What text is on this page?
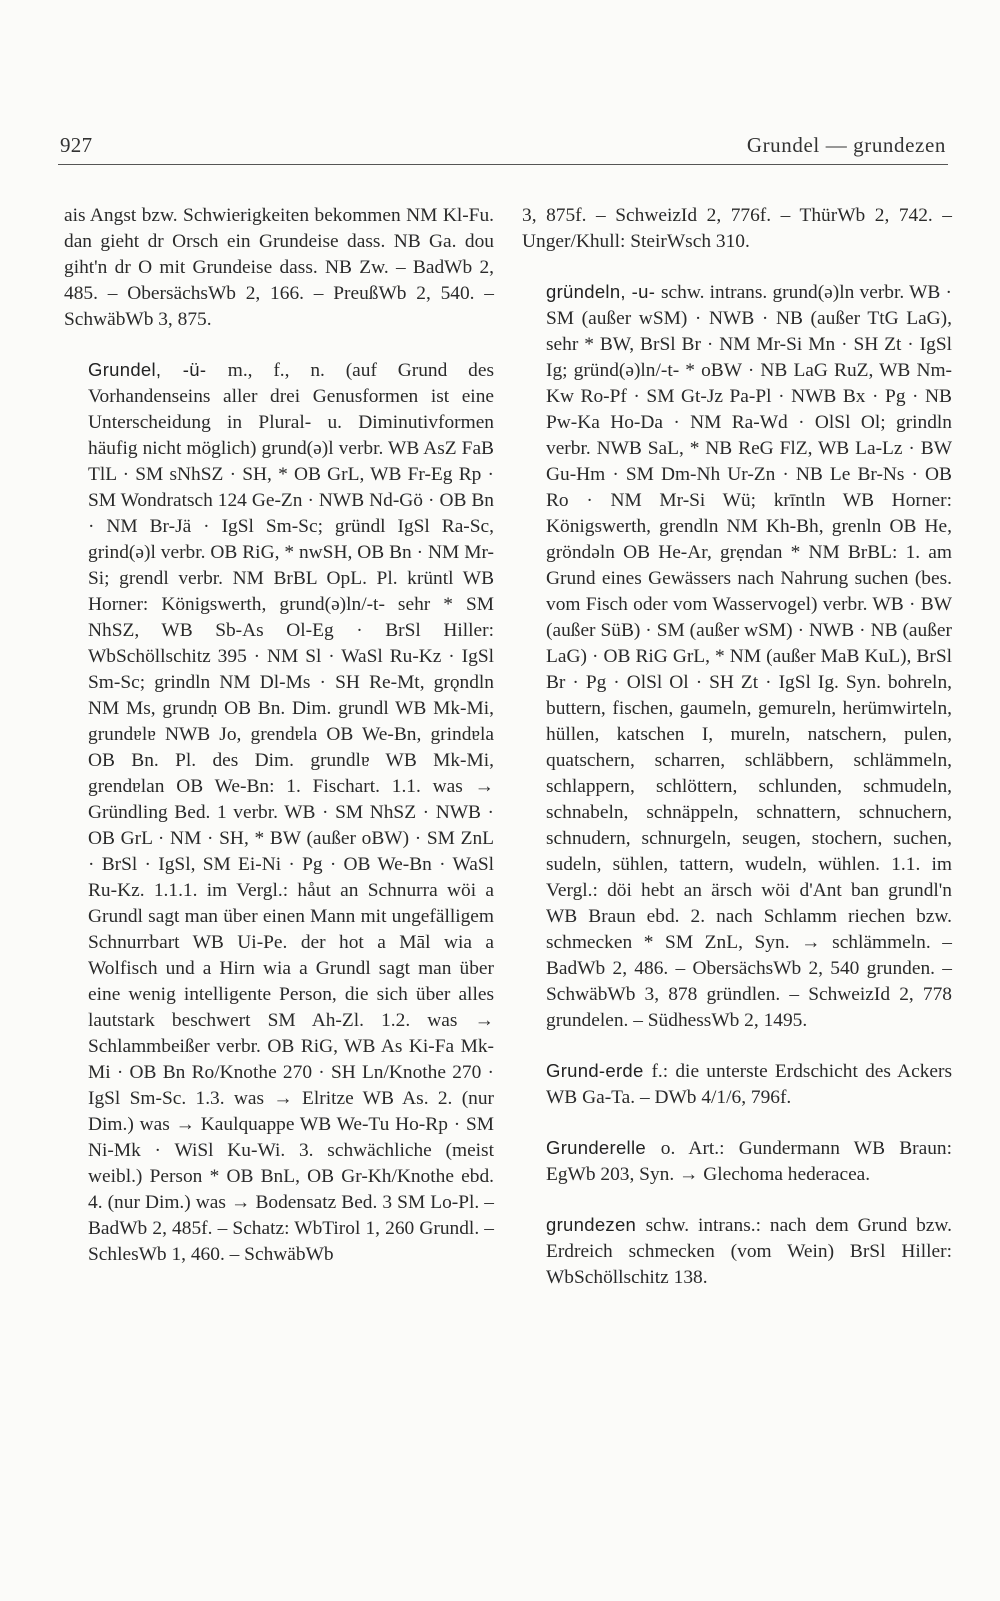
927	Grundel — grundezen

ais Angst bzw. Schwierigkeiten bekommen NM Kl-Fu. dan gieht dr Orsch ein Grundeise dass. NB Ga. dou giht'n dr O mit Grundeise dass. NB Zw. – BadWb 2, 485. – ObersächsWb 2, 166. – PreußWb 2, 540. – SchwäbWb 3, 875.

Grundel, -ü- m., f., n. (auf Grund des Vorhandenseins aller drei Genusformen ist eine Unterscheidung in Plural- u. Diminutivformen häufig nicht möglich) grund(ə)l verbr. WB AsZ FaB TlL · SM sNhSZ · SH, * OB GrL, WB Fr-Eg Rp · SM Wondratsch 124 Ge-Zn · NWB Nd-Gö · OB Bn · NM Br-Jä · IgSl Sm-Sc; gründl IgSl Ra-Sc, grind(ə)l verbr. OB RiG, * nwSH, OB Bn · NM Mr-Si; grendl verbr. NM BrBL OpL. Pl. krüntl WB Horner: Königswerth, grund(ə)ln/-t- sehr * SM NhSZ, WB Sb-As Ol-Eg · BrSl Hiller: WbSchöllschitz 395 · NM Sl · WaSl Ru-Kz · IgSl Sm-Sc; grindln NM Dl-Ms · SH Re-Mt, grǫndln NM Ms, grundṇ OB Bn. Dim. grundl WB Mk-Mi, grundɐlɐ NWB Jo, grendɐla OB We-Bn, grindɐla OB Bn. Pl. des Dim. grundlɐ WB Mk-Mi, grendɐlan OB We-Bn: 1. Fischart. 1.1. was → Gründling Bed. 1 verbr. WB · SM NhSZ · NWB · OB GrL · NM · SH, * BW (außer oBW) · SM ZnL · BrSl · IgSl, SM Ei-Ni · Pg · OB We-Bn · WaSl Ru-Kz. 1.1.1. im Vergl.: håut an Schnurra wöi a Grundl sagt man über einen Mann mit ungefälligem Schnurrbart WB Ui-Pe. der hot a Māl wia a Wolfisch und a Hirn wia a Grundl sagt man über eine wenig intelligente Person, die sich über alles lautstark beschwert SM Ah-Zl. 1.2. was → Schlammbeißer verbr. OB RiG, WB As Ki-Fa Mk-Mi · OB Bn Ro/Knothe 270 · SH Ln/Knothe 270 · IgSl Sm-Sc. 1.3. was → Elritze WB As. 2. (nur Dim.) was → Kaulquappe WB We-Tu Ho-Rp · SM Ni-Mk · WiSl Ku-Wi. 3. schwächliche (meist weibl.) Person * OB BnL, OB Gr-Kh/Knothe ebd. 4. (nur Dim.) was → Bodensatz Bed. 3 SM Lo-Pl. – BadWb 2, 485f. – Schatz: WbTirol 1, 260 Grundl. – SchlesWb 1, 460. – SchwäbWb

3, 875f. – SchweizId 2, 776f. – ThürWb 2, 742. – Unger/Khull: SteirWsch 310.

gründeln, -u- schw. intrans. grund(ə)ln verbr. WB · SM (außer wSM) · NWB · NB (außer TtG LaG), sehr * BW, BrSl Br · NM Mr-Si Mn · SH Zt · IgSl Ig; gründ(ə)ln/-t- * oBW · NB LaG RuZ, WB Nm-Kw Ro-Pf · SM Gt-Jz Pa-Pl · NWB Bx · Pg · NB Pw-Ka Ho-Da · NM Ra-Wd · OlSl Ol; grindln verbr. NWB SaL, * NB ReG FlZ, WB La-Lz · BW Gu-Hm · SM Dm-Nh Ur-Zn · NB Le Br-Ns · OB Ro · NM Mr-Si Wü; krīntln WB Horner: Königswerth, grendln NM Kh-Bh, grenln OB He, gröndəln OB He-Ar, grẹndan * NM BrBL: 1. am Grund eines Gewässers nach Nahrung suchen (bes. vom Fisch oder vom Wasservogel) verbr. WB · BW (außer SüB) · SM (außer wSM) · NWB · NB (außer LaG) · OB RiG GrL, * NM (außer MaB KuL), BrSl Br · Pg · OlSl Ol · SH Zt · IgSl Ig. Syn. bohreln, buttern, fischen, gaumeln, gemureln, herümwirteln, hüllen, katschen I, mureln, natschern, pulen, quatschern, scharren, schläbbern, schlämmeln, schlappern, schlöttern, schlunden, schmudeln, schnabeln, schnäppeln, schnattern, schnuchern, schnudern, schnurgeln, seugen, stochern, suchen, sudeln, sühlen, tattern, wudeln, wühlen. 1.1. im Vergl.: döi hebt an ärsch wöi d'Ant ban grundl'n WB Braun ebd. 2. nach Schlamm riechen bzw. schmecken * SM ZnL, Syn. → schlämmeln. – BadWb 2, 486. – ObersächsWb 2, 540 grunden. – SchwäbWb 3, 878 gründlen. – SchweizId 2, 778 grundelen. – SüdhessWb 2, 1495.

Grund-erde f.: die unterste Erdschicht des Ackers WB Ga-Ta. – DWb 4/1/6, 796f.

Grunderelle o. Art.: Gundermann WB Braun: EgWb 203, Syn. → Glechoma hederacea.

grundezen schw. intrans.: nach dem Grund bzw. Erdreich schmecken (vom Wein) BrSl Hiller: WbSchöllschitz 138.
